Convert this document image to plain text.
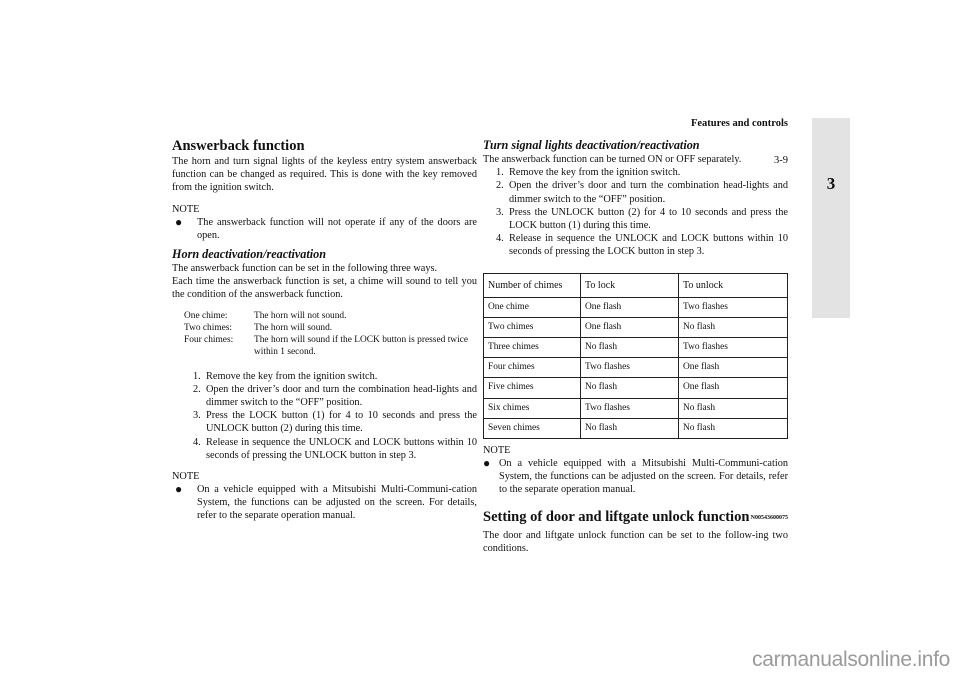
Features and controls
3-9
3
Answerback function

The horn and turn signal lights of the keyless entry system answerback function can be changed as required. This is done with the key removed from the ignition switch.

NOTE

● The answerback function will not operate if any of the doors are open.

Horn deactivation/reactivation

The answerback function can be set in the following three ways.

Each time the answerback function is set, a chime will sound to tell you the condition of the answerback function.

One chime:	The horn will not sound.
Two chimes:	The horn will sound.
Four chimes:	The horn will sound if the LOCK button is pressed twice within 1 second.
1. Remove the key from the ignition switch.
2. Open the driver’s door and turn the combination head-lights and dimmer switch to the “OFF” position.
3. Press the LOCK button (1) for 4 to 10 seconds and press the UNLOCK button (2) during this time.
4. Release in sequence the UNLOCK and LOCK buttons within 10 seconds of pressing the UNLOCK button in step 3.

NOTE

● On a vehicle equipped with a Mitsubishi Multi-Communi-cation System, the functions can be adjusted on the screen. For details, refer to the separate operation manual.

Turn signal lights deactivation/reactivation

The answerback function can be turned ON or OFF separately.

1. Remove the key from the ignition switch.
2. Open the driver’s door and turn the combination head-lights and dimmer switch to the “OFF” position.
3. Press the UNLOCK button (2) for 4 to 10 seconds and press the LOCK button (1) during this time.
4. Release in sequence the UNLOCK and LOCK buttons within 10 seconds of pressing the LOCK button in step 3.
Number of chimes	To lock	To unlock
One chime	One flash	Two flashes
Two chimes	One flash	No flash
Three chimes	No flash	Two flashes
Four chimes	Two flashes	One flash
Five chimes	No flash	One flash
Six chimes	Two flashes	No flash
Seven chimes	No flash	No flash

NOTE

● On a vehicle equipped with a Mitsubishi Multi-Communi-cation System, the functions can be adjusted on the screen. For details, refer to the separate operation manual.

Setting of door and liftgate unlock function N00543600075

The door and liftgate unlock function can be set to the follow-ing two conditions.

carmanualsonline.info
